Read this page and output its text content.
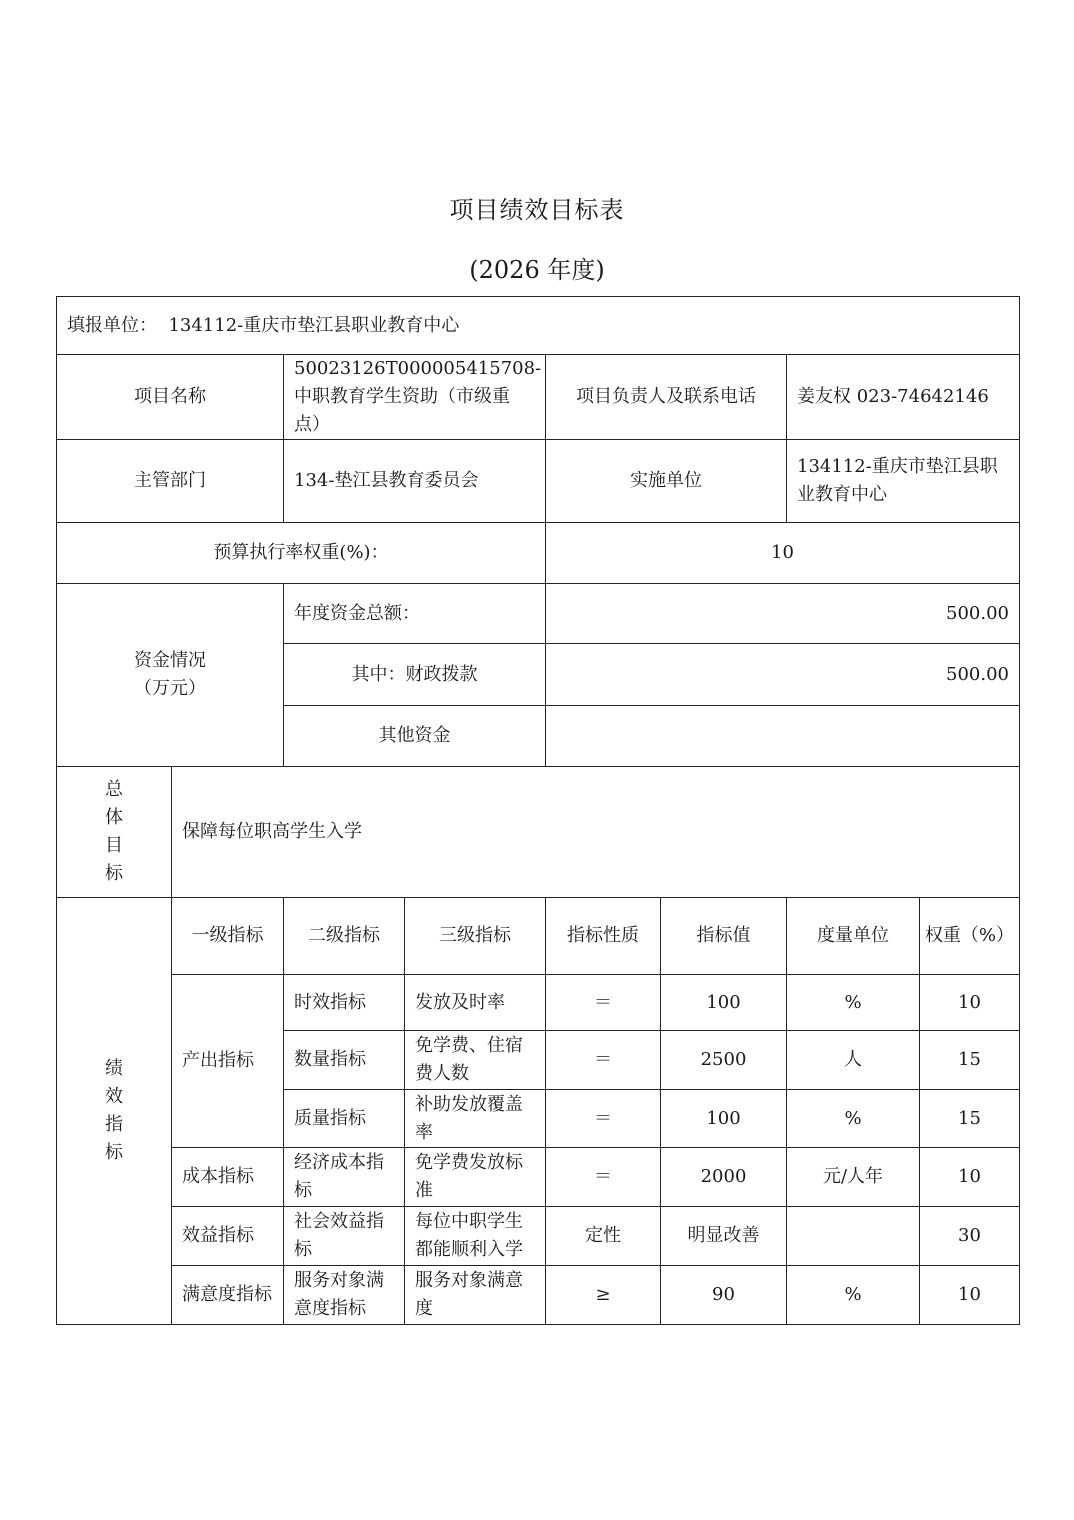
项目绩效目标表
(2026 年度)
填报单位： 134112-重庆市垫江县职业教育中心							
项目名称		50023126T000005415708-中职教育学生资助（市级重点）		项目负责人及联系电话		姜友权 023-74642146	
主管部门		134-垫江县教育委员会		实施单位		134112-重庆市垫江县职业教育中心	
预算执行率权重(%)：				10			

资金情况
（万元）		年度资金总额：		500.00			
		其中：财政拨款		500.00			
		其他资金					

总
体
目
标	保障每位职高学生入学						

绩
效
指
标	一级指标	二级指标	三级指标	指标性质	指标值	度量单位	权重（%）
	产出指标	时效指标	发放及时率	＝	100	%	10
		数量指标	免学费、住宿费人数	＝	2500	人	15
		质量指标	补助发放覆盖率	＝	100	%	15
	成本指标	经济成本指标	免学费发放标准	＝	2000	元/人年	10
	效益指标	社会效益指标	每位中职学生都能顺利入学	定性	明显改善		30
	满意度指标	服务对象满意度指标	服务对象满意度	≥	90	%	10
